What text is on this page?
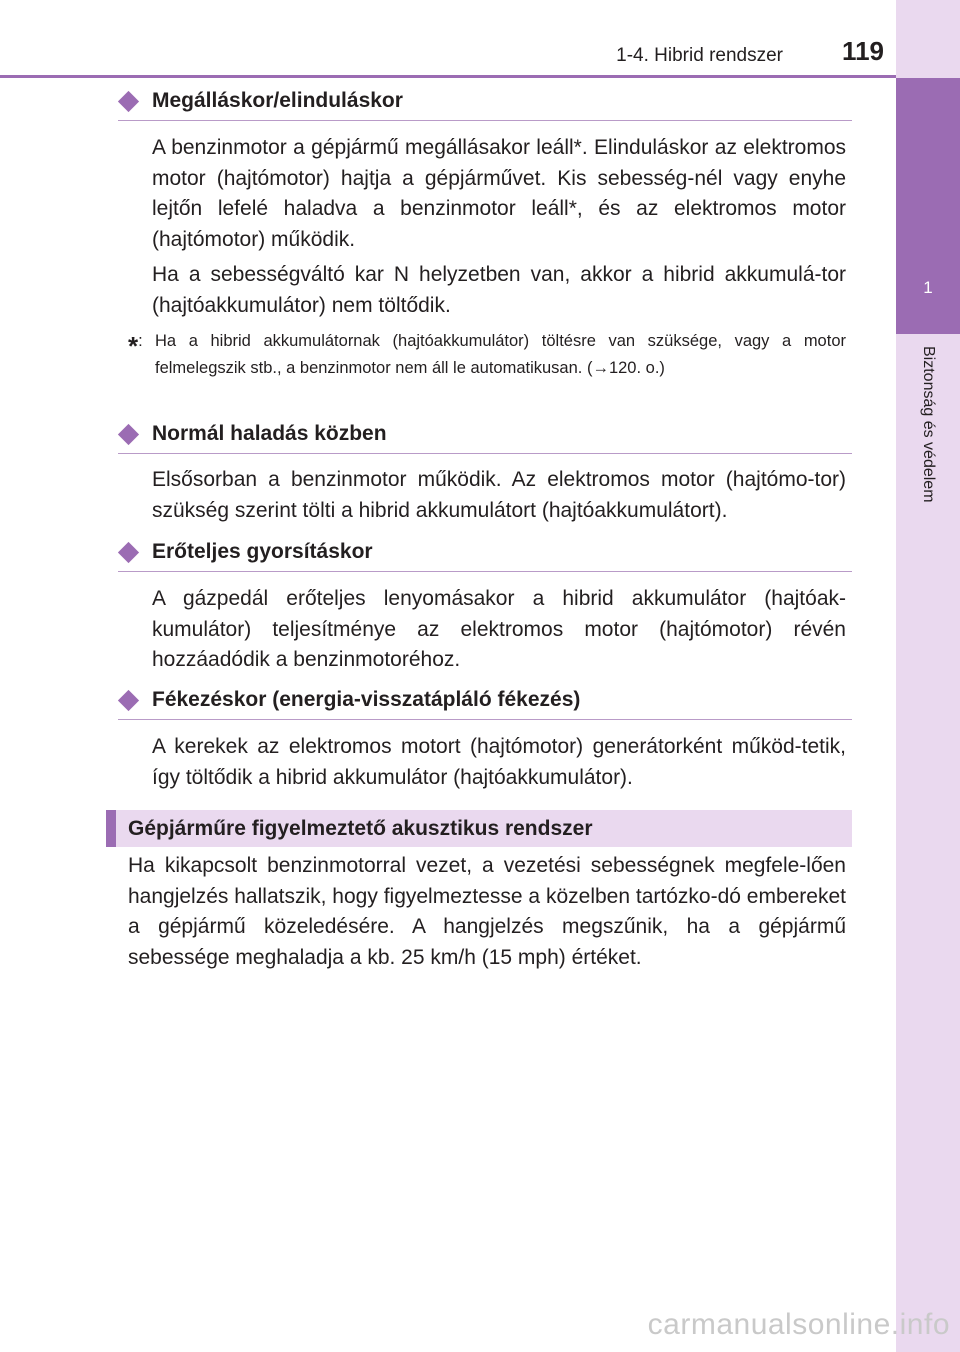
1-4. Hibrid rendszer	119
1
Biztonság és védelem
Megálláskor/elinduláskor
A benzinmotor a gépjármű megállásakor leáll*. Elinduláskor az elektromos motor (hajtómotor) hajtja a gépjárművet. Kis sebesség-nél vagy enyhe lejtőn lefelé haladva a benzinmotor leáll*, és az elektromos motor (hajtómotor) működik.
Ha a sebességváltó kar N helyzetben van, akkor a hibrid akkumulá-tor (hajtóakkumulátor) nem töltődik.
*: Ha a hibrid akkumulátornak (hajtóakkumulátor) töltésre van szüksége, vagy a motor felmelegszik stb., a benzinmotor nem áll le automatikusan. (→120. o.)
Normál haladás közben
Elsősorban a benzinmotor működik. Az elektromos motor (hajtómo-tor) szükség szerint tölti a hibrid akkumulátort (hajtóakkumulátort).
Erőteljes gyorsításkor
A gázpedál erőteljes lenyomásakor a hibrid akkumulátor (hajtóak-kumulátor) teljesítménye az elektromos motor (hajtómotor) révén hozzáadódik a benzinmotoréhoz.
Fékezéskor (energia-visszatápláló fékezés)
A kerekek az elektromos motort (hajtómotor) generátorként működ-tetik, így töltődik a hibrid akkumulátor (hajtóakkumulátor).
Gépjárműre figyelmeztető akusztikus rendszer
Ha kikapcsolt benzinmotorral vezet, a vezetési sebességnek megfele-lően hangjelzés hallatszik, hogy figyelmeztesse a közelben tartózko-dó embereket a gépjármű közeledésére. A hangjelzés megszűnik, ha a gépjármű sebessége meghaladja a kb. 25 km/h (15 mph) értéket.
carmanualsonline.info
